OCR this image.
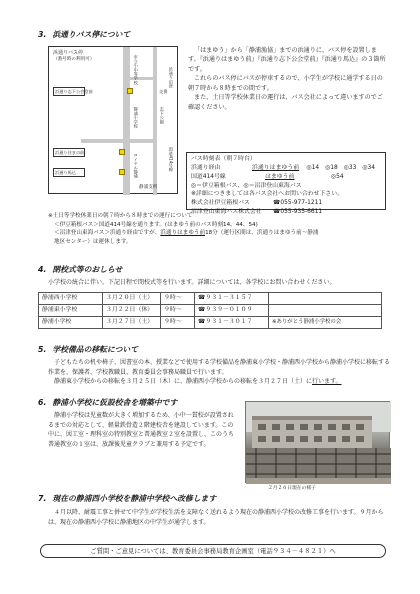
3. 浜通りバス停について
浜通りバス停
（番号時の利用可）
浜通り志下公会堂前
浜通り住まの前
浜通り馬込
市立小中等学校
静浦小学校
ロイヤル静浦
志下公園
浜通り沼津
国道414号線
静浦支所
交番

「はまゆう」から「静浦漁協」までの浜通りに、バス停を設置します。『浜通りはまゆう前』『浜通り志下公会堂前』『浜通り馬込』の３箇所です。

これらのバス停にバスが停車するので、小学生が学校に通学する日の朝７時から８時までの間です。

また、土日等学校休業日の運行は、バス会社によって違いますのでご確認ください。

バス時刻表（朝７時台）
浜通り経由	浜通りはまゆう前	◎14 ◎18 ◎33 ◎34
国道414号線	はまゆう前	◎54
◎＝伊豆箱根バス、◎＝沼津登山東海バス
※詳細につきましては各バス会社へお問い合わせ下さい。
株式会社伊豆箱根バス	☎055-977-1211
沼津登山東海バス株式会社	☎055-935-6611
※土日等学校休業日の朝７時から８時までの運行について
＜伊豆箱根バス＞国道414号線を通ります。(はまゆう前のバス時刻14、44、54)
＜沼津登山東海バス＞浜通り経由ですが、浜通りはまゆう前18分（運行区間は、浜通りはまゆう前～静浦
地区センター）は運休します。
4. 閉校式等のおしらせ
小学校の統合に伴い、下記日程で閉校式等を行います。詳細については、各学校にお問い合わせください。
静浦西小学校	３月２０日（土）	９時～	☎９３１－３１５７	
静浦東小学校	３月２２日（休）	９時～	☎９３９－０１０９	
静浦小学校	３月２７日（土）	９時～	☎９３１－３０１７	※ありがとう静浦小学校の会
5. 学校備品の移転について

子どもたちの机や椅子、図書室の本、授業などで使用する学校備品を静浦東小学校・静浦西小学校から静浦小学校に移転する作業を、保護者、学校教職員、教育委員会事務局職員で行います。

静浦東小学校からの移転を３月２５日（木）に、静浦西小学校からの移転を３月２７日（土）に行います。

6. 静浦小学校に仮設校舎を増築中です

静浦小学校は児童数が大きく増加するため、小中一貫校が設置されるまでの対応として、軽量鉄骨造２階建校舎を建設しています。この中に、図工室・理科室の特別教室と普通教室２室を設置し、このうち普通教室の１室は、放課後児童クラブと兼用する予定です。

２月２６日現在の様子
7. 現在の静浦西小学校を静浦中学校へ改修します

４月以降、耐震工事と併せて中学生が学校生活を支障なく送れるよう現在の静浦西小学校の改修工事を行います。９月からは、現在の静浦西小学校に静浦地区の中学生が通学します。

ご質問・ご意見については、教育委員会事務局教育企画室（電話９３４－４８２１）へ
